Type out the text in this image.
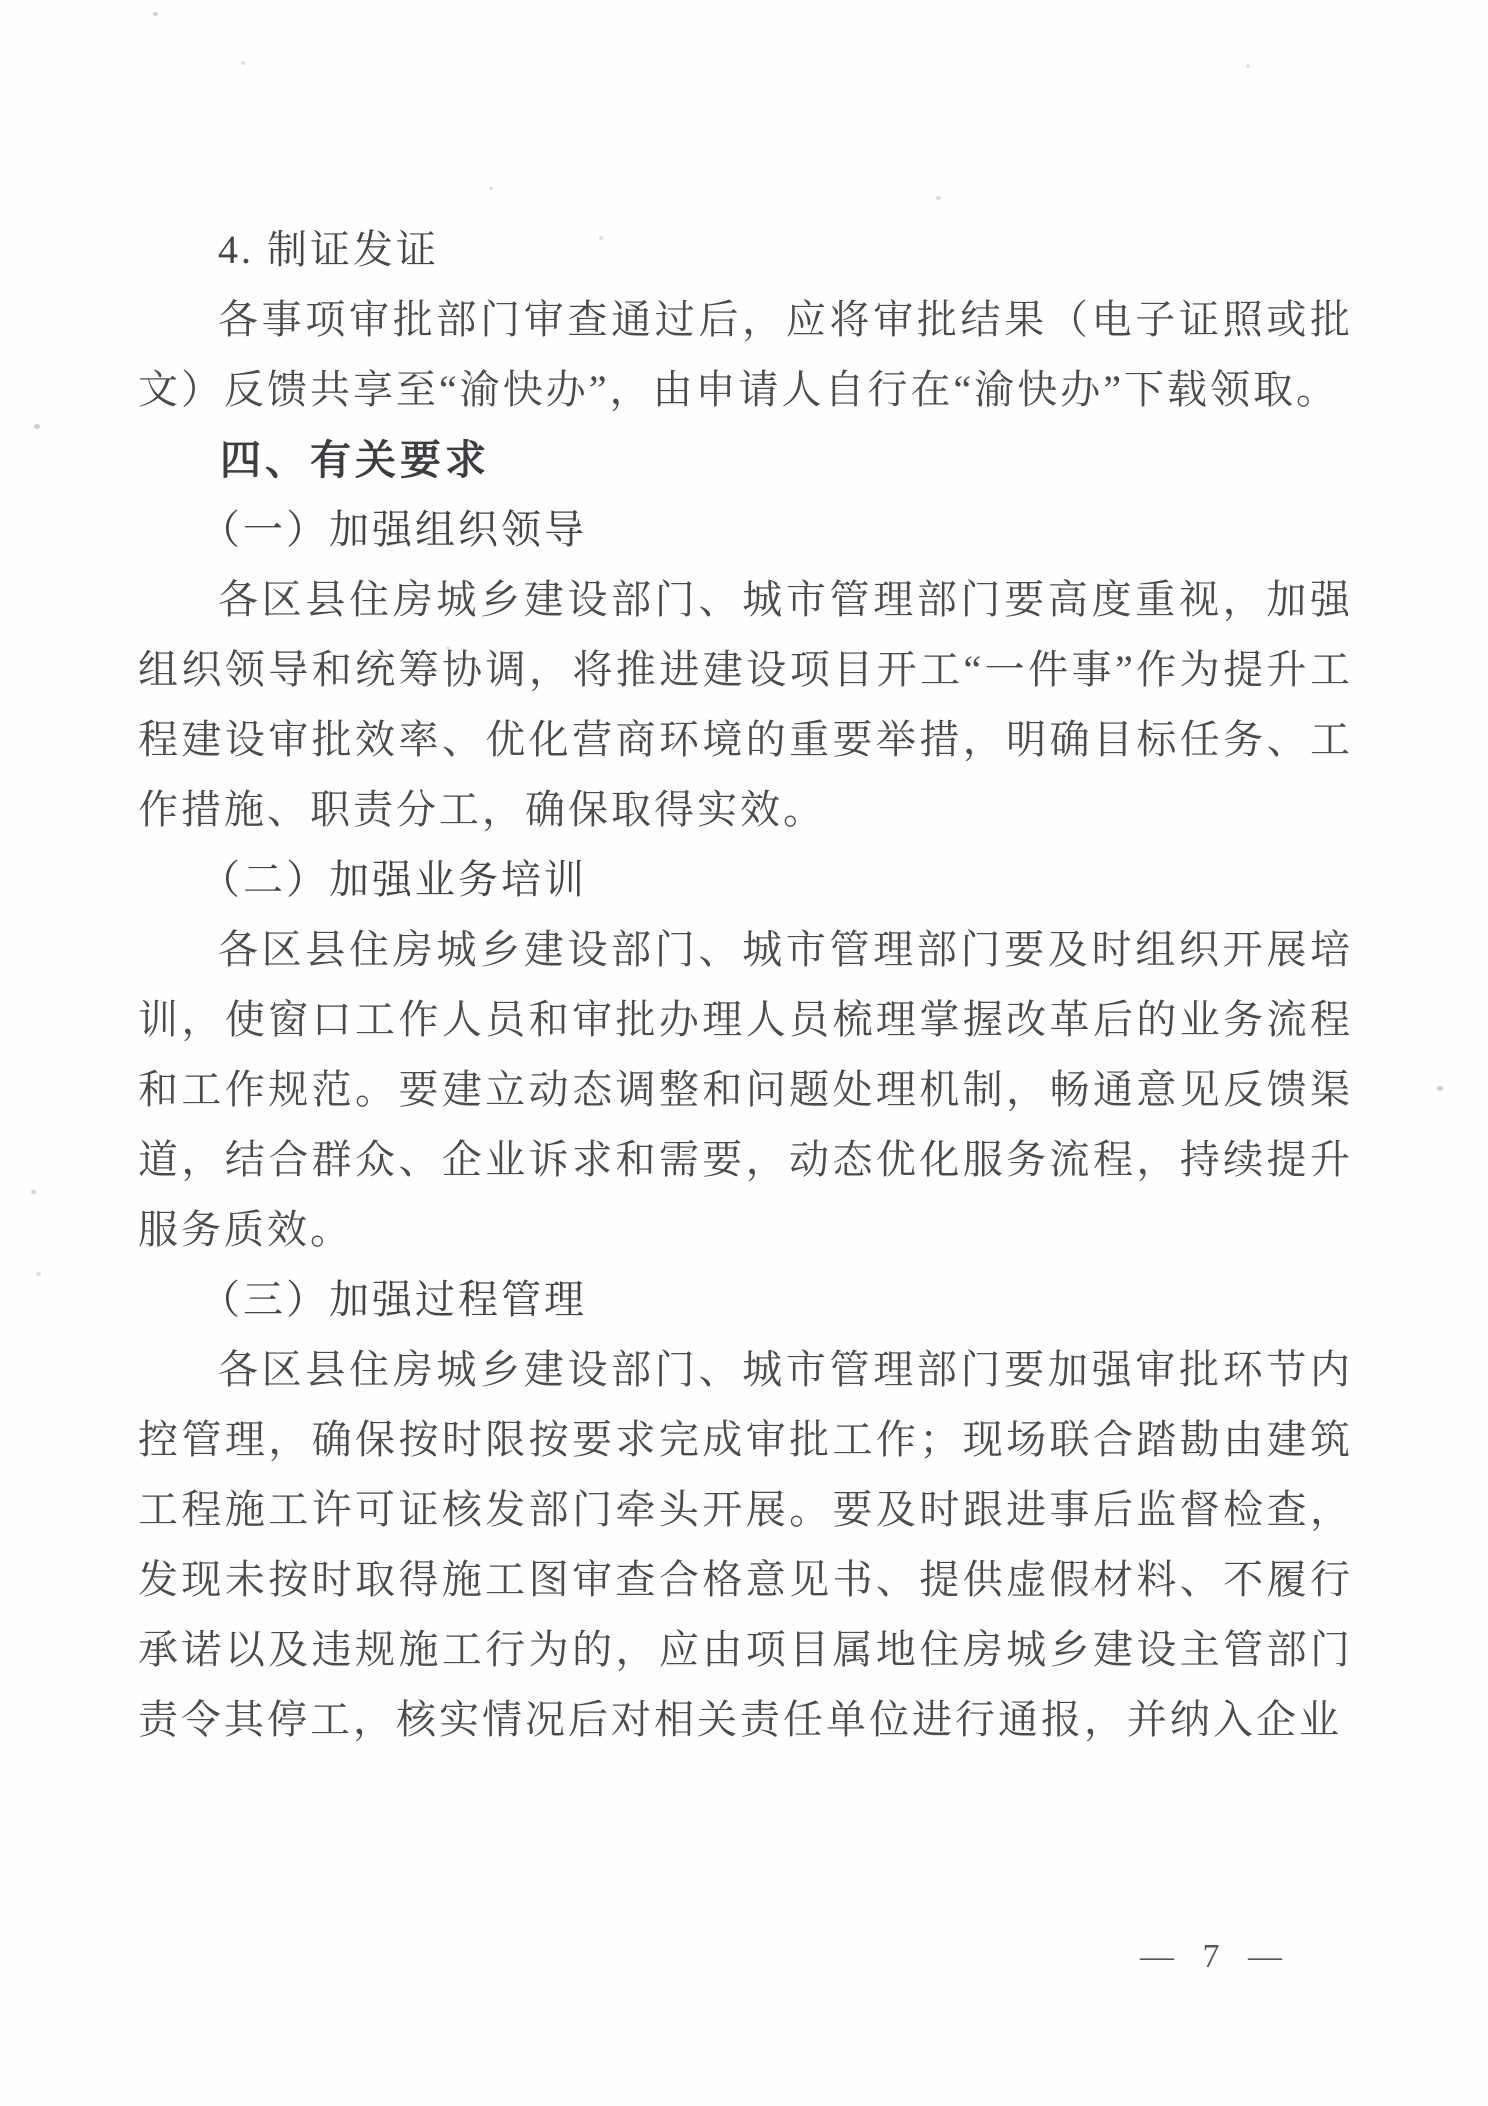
4. 制证发证

各事项审批部门审查通过后，应将审批结果（电子证照或批文）反馈共享至“渝快办”，由申请人自行在“渝快办”下载领取。

四、有关要求
（一）加强组织领导

各区县住房城乡建设部门、城市管理部门要高度重视，加强组织领导和统筹协调，将推进建设项目开工“一件事”作为提升工程建设审批效率、优化营商环境的重要举措，明确目标任务、工作措施、职责分工，确保取得实效。

（二）加强业务培训

各区县住房城乡建设部门、城市管理部门要及时组织开展培训，使窗口工作人员和审批办理人员梳理掌握改革后的业务流程和工作规范。要建立动态调整和问题处理机制，畅通意见反馈渠道，结合群众、企业诉求和需要，动态优化服务流程，持续提升服务质效。

（三）加强过程管理

各区县住房城乡建设部门、城市管理部门要加强审批环节内控管理，确保按时限按要求完成审批工作；现场联合踏勘由建筑工程施工许可证核发部门牵头开展。要及时跟进事后监督检查，发现未按时取得施工图审查合格意见书、提供虚假材料、不履行承诺以及违规施工行为的，应由项目属地住房城乡建设主管部门责令其停工，核实情况后对相关责任单位进行通报，并纳入企业

— 7 —
